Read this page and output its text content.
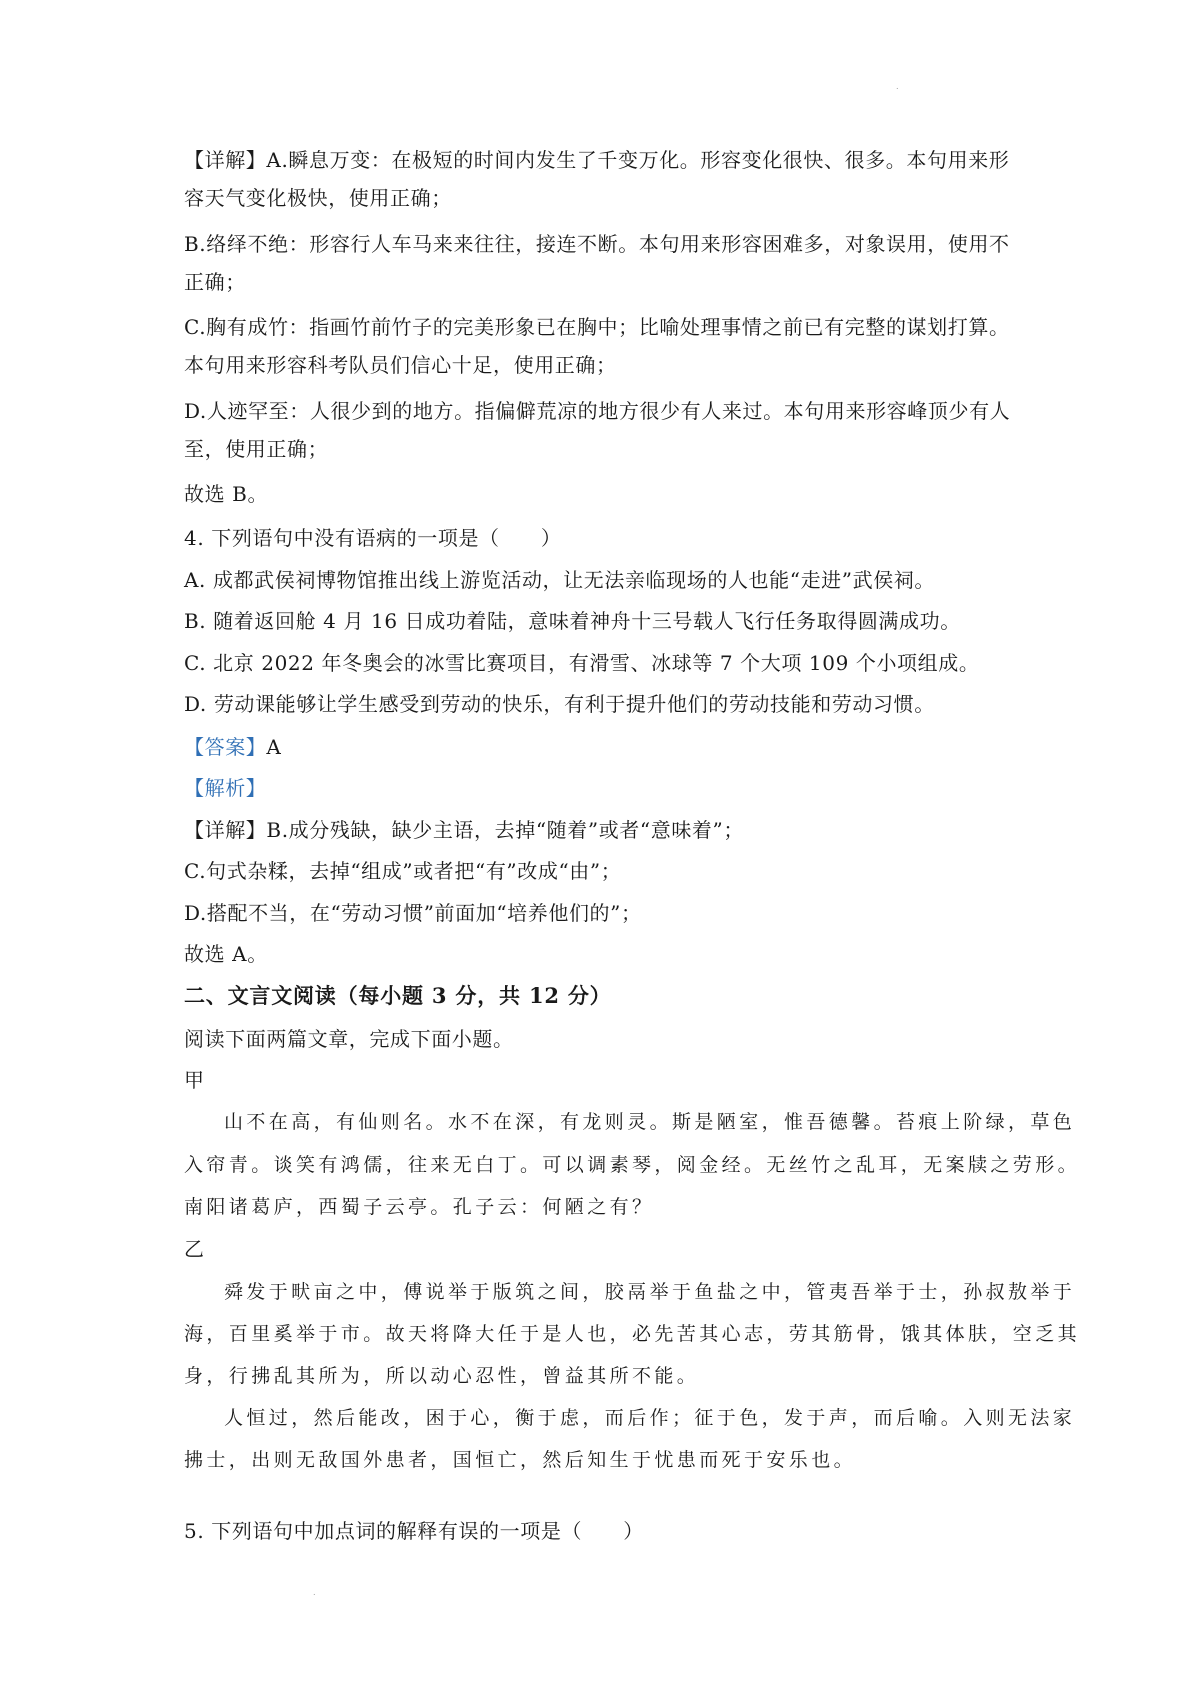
.
【详解】A.瞬息万变：在极短的时间内发生了千变万化。形容变化很快、很多。本句用来形
容天气变化极快，使用正确；
B.络绎不绝：形容行人车马来来往往，接连不断。本句用来形容困难多，对象误用，使用不
正确；
C.胸有成竹：指画竹前竹子的完美形象已在胸中；比喻处理事情之前已有完整的谋划打算。
本句用来形容科考队员们信心十足，使用正确；
D.人迹罕至：人很少到的地方。指偏僻荒凉的地方很少有人来过。本句用来形容峰顶少有人
至，使用正确；
故选 B。
4. 下列语句中没有语病的一项是（　　）
A. 成都武侯祠博物馆推出线上游览活动，让无法亲临现场的人也能“走进”武侯祠。
B. 随着返回舱 4 月 16 日成功着陆，意味着神舟十三号载人飞行任务取得圆满成功。
C. 北京 2022 年冬奥会的冰雪比赛项目，有滑雪、冰球等 7 个大项 109 个小项组成。
D. 劳动课能够让学生感受到劳动的快乐，有利于提升他们的劳动技能和劳动习惯。
【答案】A
【解析】
【详解】B.成分残缺，缺少主语，去掉“随着”或者“意味着”；
C.句式杂糅，去掉“组成”或者把“有”改成“由”；
D.搭配不当，在“劳动习惯”前面加“培养他们的”；
故选 A。
二、文言文阅读（每小题 3 分，共 12 分）
阅读下面两篇文章，完成下面小题。
甲
山不在高，有仙则名。水不在深，有龙则灵。斯是陋室，惟吾德馨。苔痕上阶绿，草色
入帘青。谈笑有鸿儒，往来无白丁。可以调素琴，阅金经。无丝竹之乱耳，无案牍之劳形。
南阳诸葛庐，西蜀子云亭。孔子云：何陋之有？
乙
舜发于畎亩之中，傅说举于版筑之间，胶鬲举于鱼盐之中，管夷吾举于士，孙叔敖举于
海，百里奚举于市。故天将降大任于是人也，必先苦其心志，劳其筋骨，饿其体肤，空乏其
身，行拂乱其所为，所以动心忍性，曾益其所不能。
人恒过，然后能改，困于心，衡于虑，而后作；征于色，发于声，而后喻。入则无法家
拂士，出则无敌国外患者，国恒亡，然后知生于忧患而死于安乐也。
5. 下列语句中加点词的解释有误的一项是（　　）
.
